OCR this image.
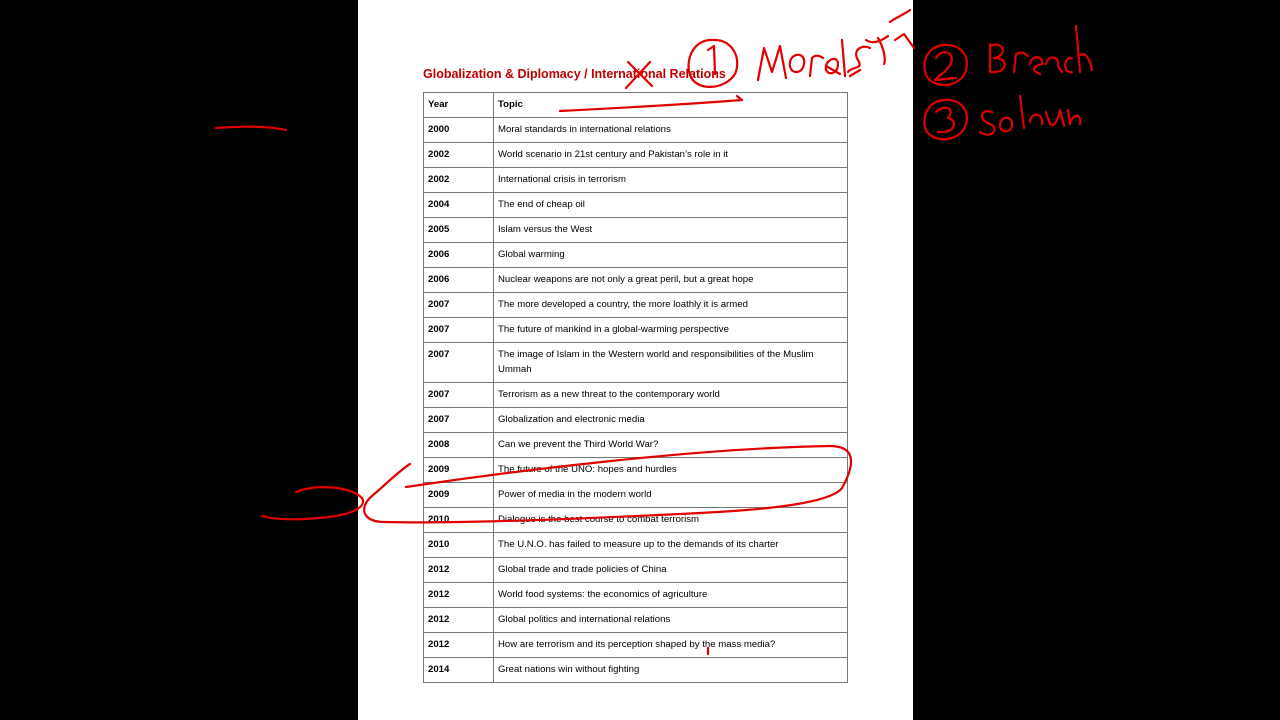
Globalization & Diplomacy / International Relations
Year	Topic
2000	Moral standards in international relations
2002	World scenario in 21st century and Pakistan’s role in it
2002	International crisis in terrorism
2004	The end of cheap oil
2005	Islam versus the West
2006	Global warming
2006	Nuclear weapons are not only a great peril, but a great hope
2007	The more developed a country, the more loathly it is armed
2007	The future of mankind in a global-warming perspective
2007	The image of Islam in the Western world and responsibilities of the Muslim Ummah
2007	Terrorism as a new threat to the contemporary world
2007	Globalization and electronic media
2008	Can we prevent the Third World War?
2009	The future of the UNO: hopes and hurdles
2009	Power of media in the modern world
2010	Dialogue is the best course to combat terrorism
2010	The U.N.O. has failed to measure up to the demands of its charter
2012	Global trade and trade policies of China
2012	World food systems: the economics of agriculture
2012	Global politics and international relations
2012	How are terrorism and its perception shaped by the mass media?
2014	Great nations win without fighting
